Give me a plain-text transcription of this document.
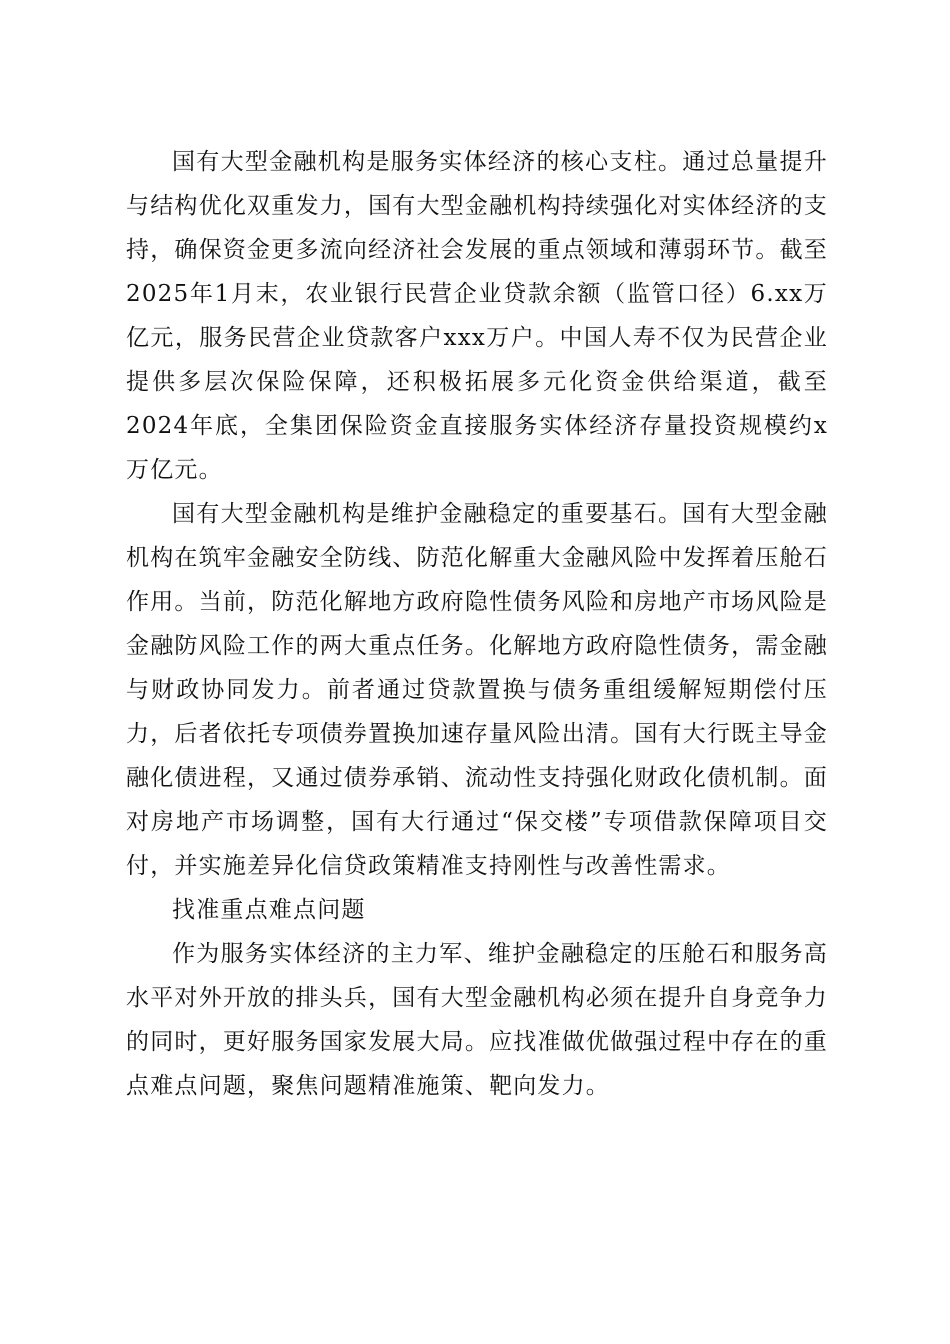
国有大型金融机构是服务实体经济的核心支柱。通过总量提升与结构优化双重发力，国有大型金融机构持续强化对实体经济的支持，确保资金更多流向经济社会发展的重点领域和薄弱环节。截至2025年1月末，农业银行民营企业贷款余额（监管口径）6.xx万亿元，服务民营企业贷款客户xxx万户。中国人寿不仅为民营企业提供多层次保险保障，还积极拓展多元化资金供给渠道，截至2024年底，全集团保险资金直接服务实体经济存量投资规模约x万亿元。

国有大型金融机构是维护金融稳定的重要基石。国有大型金融机构在筑牢金融安全防线、防范化解重大金融风险中发挥着压舱石作用。当前，防范化解地方政府隐性债务风险和房地产市场风险是金融防风险工作的两大重点任务。化解地方政府隐性债务，需金融与财政协同发力。前者通过贷款置换与债务重组缓解短期偿付压力，后者依托专项债券置换加速存量风险出清。国有大行既主导金融化债进程，又通过债券承销、流动性支持强化财政化债机制。面对房地产市场调整，国有大行通过“保交楼”专项借款保障项目交付，并实施差异化信贷政策精准支持刚性与改善性需求。

找准重点难点问题

作为服务实体经济的主力军、维护金融稳定的压舱石和服务高水平对外开放的排头兵，国有大型金融机构必须在提升自身竞争力的同时，更好服务国家发展大局。应找准做优做强过程中存在的重点难点问题，聚焦问题精准施策、靶向发力。
